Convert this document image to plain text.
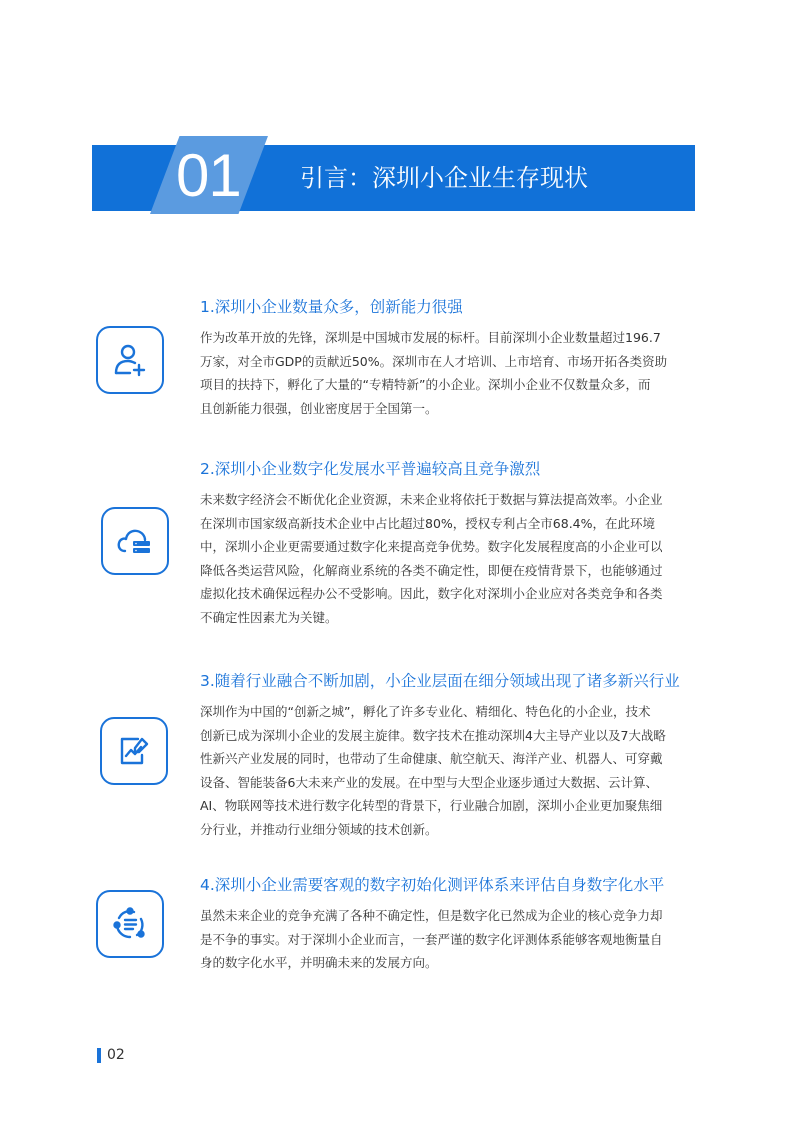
01	引言：深圳小企业生存现状
1.深圳小企业数量众多，创新能力很强
作为改革开放的先锋，深圳是中国城市发展的标杆。目前深圳小企业数量超过196.7
万家，对全市GDP的贡献近50%。深圳市在人才培训、上市培育、市场开拓各类资助
项目的扶持下，孵化了大量的“专精特新”的小企业。深圳小企业不仅数量众多，而
且创新能力很强，创业密度居于全国第一。
2.深圳小企业数字化发展水平普遍较高且竞争激烈
未来数字经济会不断优化企业资源，未来企业将依托于数据与算法提高效率。小企业
在深圳市国家级高新技术企业中占比超过80%，授权专利占全市68.4%，在此环境
中，深圳小企业更需要通过数字化来提高竞争优势。数字化发展程度高的小企业可以
降低各类运营风险，化解商业系统的各类不确定性，即便在疫情背景下，也能够通过
虚拟化技术确保远程办公不受影响。因此，数字化对深圳小企业应对各类竞争和各类
不确定性因素尤为关键。
3.随着行业融合不断加剧，小企业层面在细分领域出现了诸多新兴行业
深圳作为中国的“创新之城”，孵化了许多专业化、精细化、特色化的小企业，技术
创新已成为深圳小企业的发展主旋律。数字技术在推动深圳4大主导产业以及7大战略
性新兴产业发展的同时，也带动了生命健康、航空航天、海洋产业、机器人、可穿戴
设备、智能装备6大未来产业的发展。在中型与大型企业逐步通过大数据、云计算、
AI、物联网等技术进行数字化转型的背景下，行业融合加剧，深圳小企业更加聚焦细
分行业，并推动行业细分领域的技术创新。
4.深圳小企业需要客观的数字初始化测评体系来评估自身数字化水平
虽然未来企业的竞争充满了各种不确定性，但是数字化已然成为企业的核心竞争力却
是不争的事实。对于深圳小企业而言，一套严谨的数字化评测体系能够客观地衡量自
身的数字化水平，并明确未来的发展方向。
02
